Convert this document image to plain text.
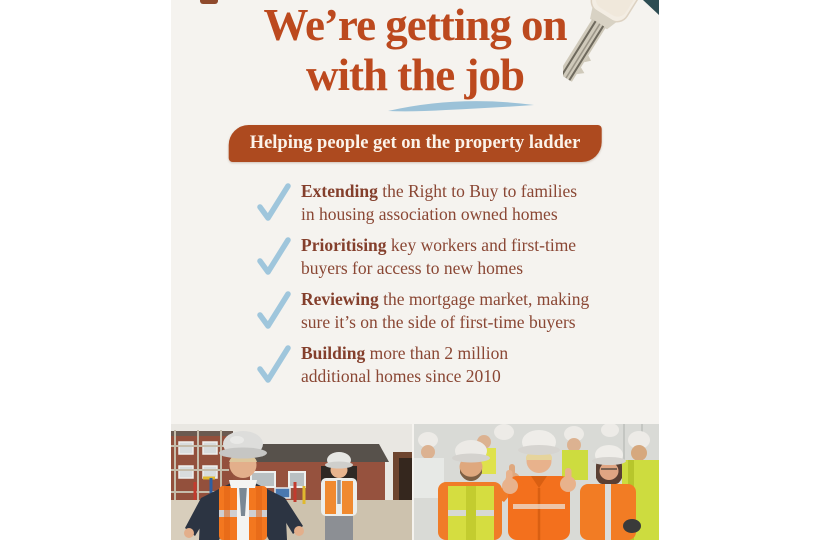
We’re getting on
with the job
Helping people get on the property ladder

Extending the Right to Buy to families
in housing association owned homes

Prioritising key workers and first-time
buyers for access to new homes

Reviewing the mortgage market, making
sure it’s on the side of first-time buyers

Building more than 2 million
additional homes since 2010
